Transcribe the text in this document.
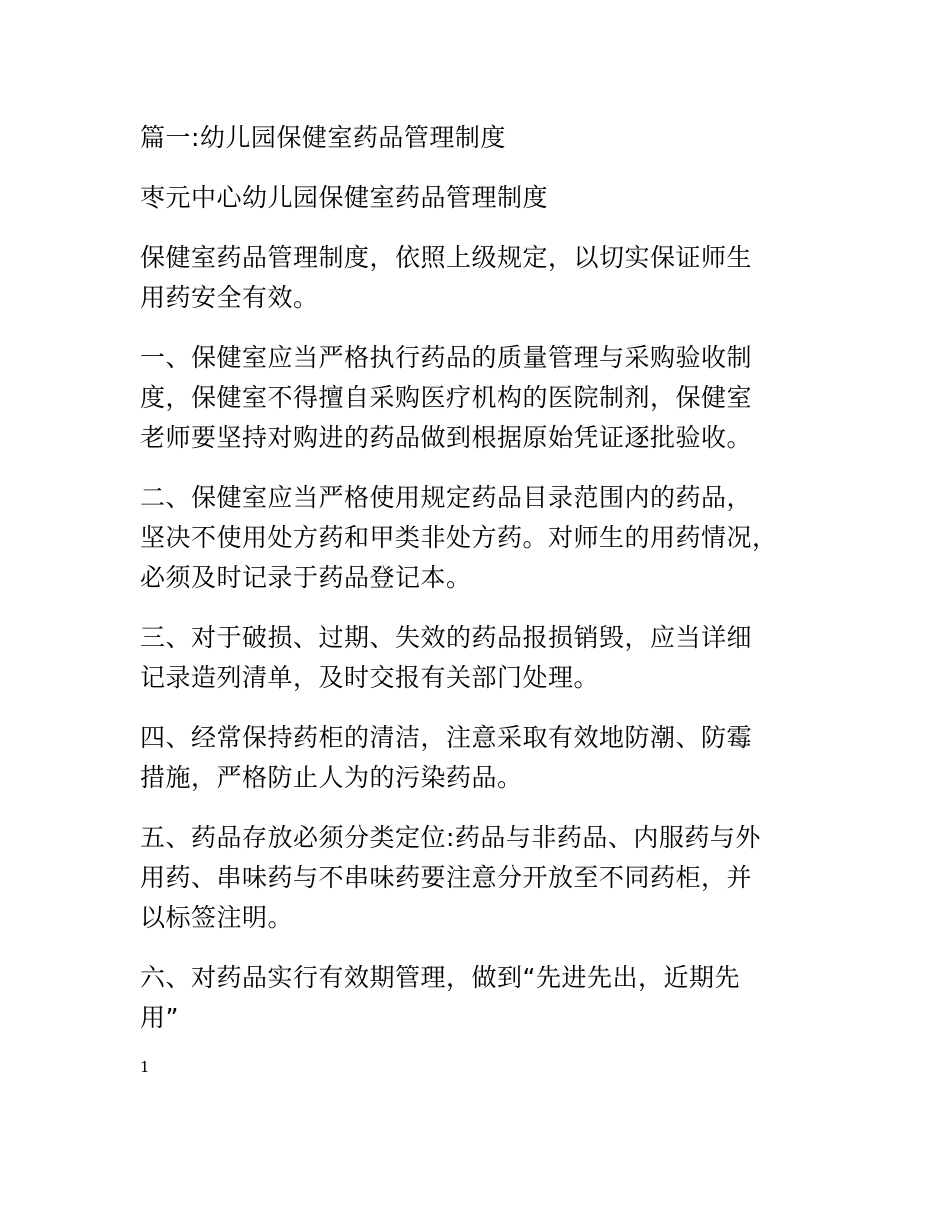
篇一:幼儿园保健室药品管理制度

枣元中心幼儿园保健室药品管理制度

保健室药品管理制度，依照上级规定，以切实保证师生
用药安全有效。

一、保健室应当严格执行药品的质量管理与采购验收制
度，保健室不得擅自采购医疗机构的医院制剂，保健室
老师要坚持对购进的药品做到根据原始凭证逐批验收。

二、保健室应当严格使用规定药品目录范围内的药品，
坚决不使用处方药和甲类非处方药。对师生的用药情况，
必须及时记录于药品登记本。

三、对于破损、过期、失效的药品报损销毁，应当详细
记录造列清单，及时交报有关部门处理。

四、经常保持药柜的清洁，注意采取有效地防潮、防霉
措施，严格防止人为的污染药品。

五、药品存放必须分类定位:药品与非药品、内服药与外
用药、串味药与不串味药要注意分开放至不同药柜，并
以标签注明。

六、对药品实行有效期管理，做到“先进先出，近期先
用”

1
